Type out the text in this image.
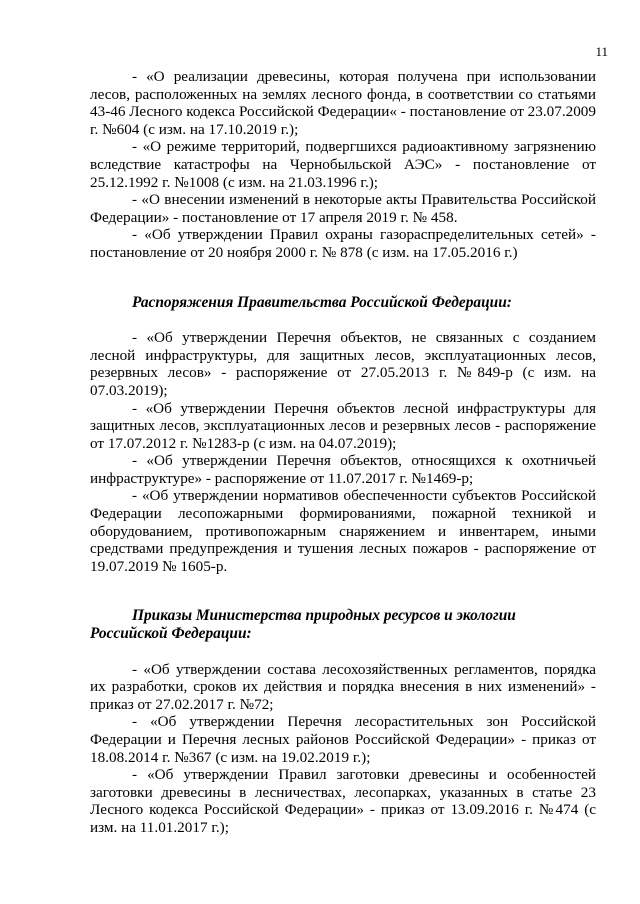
11

- «О реализации древесины, которая получена при использовании лесов, расположенных на землях лесного фонда, в соответствии со статьями 43-46 Лесного кодекса Российской Федерации« - постановление от 23.07.2009 г. №604 (с изм. на 17.10.2019 г.);

- «О режиме территорий, подвергшихся радиоактивному загрязнению вследствие катастрофы на Чернобыльской АЭС» - постановление от 25.12.1992 г. №1008 (с изм. на 21.03.1996 г.);

- «О внесении изменений в некоторые акты Правительства Российской Федерации» - постановление от 17 апреля 2019 г. № 458.

- «Об утверждении Правил охраны газораспределительных сетей» - постановление от 20 ноября 2000 г. № 878 (с изм. на 17.05.2016 г.)

Распоряжения Правительства Российской Федерации:

- «Об утверждении Перечня объектов, не связанных с созданием лесной инфраструктуры, для защитных лесов, эксплуатационных лесов, резервных лесов» - распоряжение от 27.05.2013 г. №849-р (с изм. на 07.03.2019);

- «Об утверждении Перечня объектов лесной инфраструктуры для защитных лесов, эксплуатационных лесов и резервных лесов - распоряжение от 17.07.2012 г. №1283-р (с изм. на 04.07.2019);

- «Об утверждении Перечня объектов, относящихся к охотничьей инфраструктуре» - распоряжение от 11.07.2017 г. №1469-р;

- «Об утверждении нормативов обеспеченности субъектов Российской Федерации лесопожарными формированиями, пожарной техникой и оборудованием, противопожарным снаряжением и инвентарем, иными средствами предупреждения и тушения лесных пожаров - распоряжение от 19.07.2019 № 1605-р.

Приказы Министерства природных ресурсов и экологии Российской Федерации:

- «Об утверждении состава лесохозяйственных регламентов, порядка их разработки, сроков их действия и порядка внесения в них изменений» - приказ от 27.02.2017 г. №72;

- «Об утверждении Перечня лесорастительных зон Российской Федерации и Перечня лесных районов Российской Федерации» - приказ от 18.08.2014 г. №367 (с изм. на 19.02.2019 г.);

- «Об утверждении Правил заготовки древесины и особенностей заготовки древесины в лесничествах, лесопарках, указанных в статье 23 Лесного кодекса Российской Федерации» - приказ от 13.09.2016 г. №474 (с изм. на 11.01.2017 г.);
